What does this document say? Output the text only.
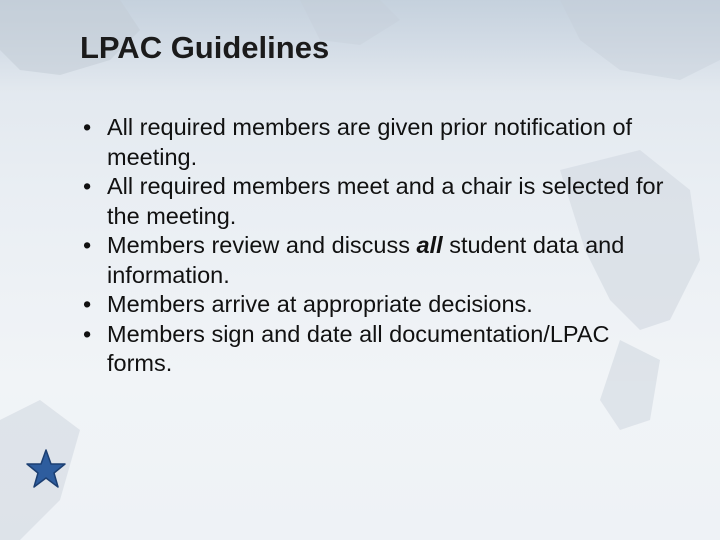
LPAC Guidelines
• All required members are given prior notification of meeting.
• All required members meet and a chair is selected for the meeting.
• Members review and discuss all student data and information.
• Members arrive at appropriate decisions.
• Members sign and date all documentation/LPAC forms.
